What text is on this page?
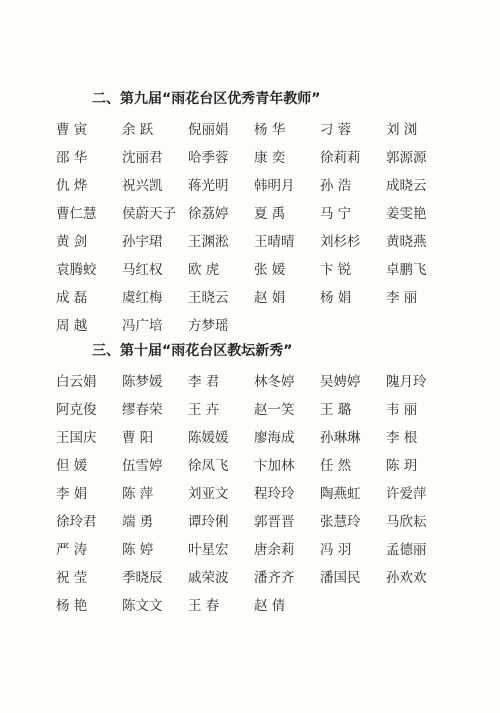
二、第九届“雨花台区优秀青年教师”
曹 寅	余 跃	倪丽娟	杨 华	刁 蓉	刘 浏
邵 华	沈丽君	哈季蓉	康 奕	徐莉莉	郭源源
仇 烨	祝兴凯	蒋光明	韩明月	孙 浩	成晓云
曹仁慧	侯蔚天子 徐荔婷	夏 禹	马 宁	姜雯艳
黄 剑	孙宇珺	王渊淞	王晴晴	刘杉杉	黄晓燕
袁腾蛟	马红权	欧 虎	张 媛	卞 锐	卓鹏飞
成 磊	虞红梅	王晓云	赵 娟	杨 娟	李 丽
周 越	冯广培	方梦瑶
三、第十届“雨花台区教坛新秀”
白云娟	陈梦媛	李 君	林冬婷	吴娉婷	隗月玲
阿克俊	缪春荣	王 卉	赵一笑	王 璐	韦 丽
王国庆	曹 阳	陈媛媛	廖海成	孙琳琳	李 根
但 媛	伍雪婷	徐凤飞	卞加林	任 然	陈 玥
李 娟	陈 萍	刘亚文	程玲玲	陶燕虹	许爱萍
徐玲君	端 勇	谭玲俐	郭晋晋	张慧玲	马欣耘
严 涛	陈 婷	叶星宏	唐余莉	冯 羽	孟德丽
祝 莹	季晓辰	戚荣波	潘齐齐	潘国民	孙欢欢
杨 艳	陈文文	王 春	赵 倩
